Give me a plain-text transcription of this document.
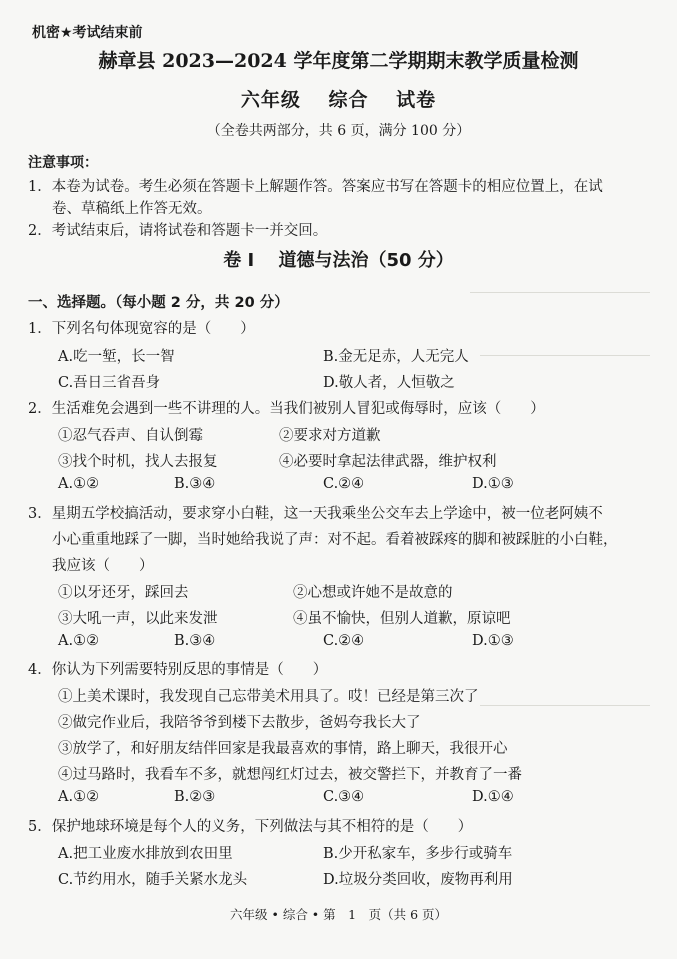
机密★考试结束前
赫章县 2023—2024 学年度第二学期期末教学质量检测
六年级 综合 试卷
（全卷共两部分，共 6 页，满分 100 分）
注意事项：
1．本卷为试卷。考生必须在答题卡上解题作答。答案应书写在答题卡的相应位置上，在试
卷、草稿纸上作答无效。
2．考试结束后，请将试卷和答题卡一并交回。
卷 I　 道德与法治（50 分）
一、选择题。（每小题 2 分，共 20 分）
1．下列名句体现宽容的是（　　）
A.吃一堑，长一智	B.金无足赤，人无完人
C.吾日三省吾身	D.敬人者，人恒敬之
2．生活难免会遇到一些不讲理的人。当我们被别人冒犯或侮辱时，应该（　　）
①忍气吞声、自认倒霉	②要求对方道歉
③找个时机，找人去报复	④必要时拿起法律武器，维护权利
A.①②	B.③④	C.②④	D.①③
3．星期五学校搞活动，要求穿小白鞋，这一天我乘坐公交车去上学途中，被一位老阿姨不
小心重重地踩了一脚，当时她给我说了声：对不起。看着被踩疼的脚和被踩脏的小白鞋，
我应该（　　）
①以牙还牙，踩回去	②心想或许她不是故意的
③大吼一声，以此来发泄	④虽不愉快，但别人道歉，原谅吧
A.①②	B.③④	C.②④	D.①③
4．你认为下列需要特别反思的事情是（　　）
①上美术课时，我发现自己忘带美术用具了。哎！已经是第三次了
②做完作业后，我陪爷爷到楼下去散步，爸妈夸我长大了
③放学了，和好朋友结伴回家是我最喜欢的事情，路上聊天，我很开心
④过马路时，我看车不多，就想闯红灯过去，被交警拦下，并教育了一番
A.①②	B.②③	C.③④	D.①④
5．保护地球环境是每个人的义务，下列做法与其不相符的是（　　）
A.把工业废水排放到农田里	B.少开私家车，多步行或骑车
C.节约用水，随手关紧水龙头	D.垃圾分类回收，废物再利用
六年级 • 综合 • 第　1　页（共 6 页）
